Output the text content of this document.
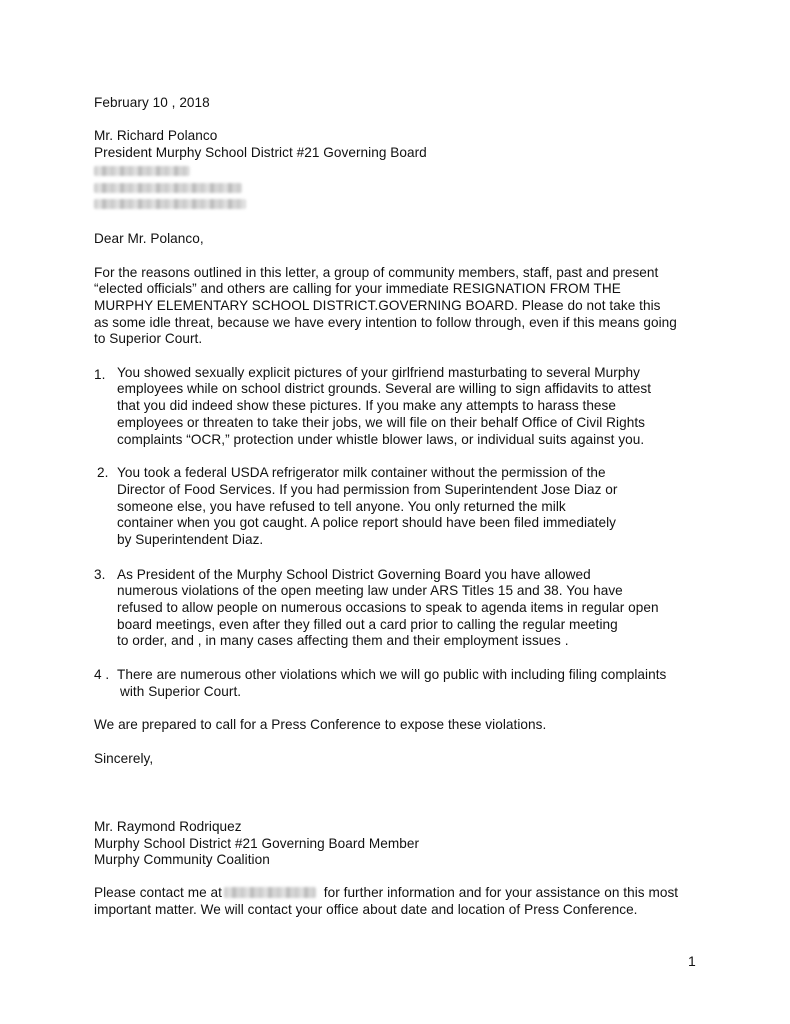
February 10 , 2018
Mr. Richard Polanco
President Murphy School District #21 Governing Board
Dear Mr. Polanco,
For the reasons outlined in this letter, a group of community members, staff, past and present
“elected officials” and others are calling for your immediate RESIGNATION FROM THE
MURPHY ELEMENTARY SCHOOL DISTRICT.GOVERNING BOARD. Please do not take this
as some idle threat, because we have every intention to follow through, even if this means going
to Superior Court.
1. You showed sexually explicit pictures of your girlfriend masturbating to several Murphy
employees while on school district grounds. Several are willing to sign affidavits to attest
that you did indeed show these pictures. If you make any attempts to harass these
employees or threaten to take their jobs, we will file on their behalf Office of Civil Rights
complaints “OCR,” protection under whistle blower laws, or individual suits against you.
2. You took a federal USDA refrigerator milk container without the permission of the
Director of Food Services. If you had permission from Superintendent Jose Diaz or
someone else, you have refused to tell anyone. You only returned the milk
container when you got caught. A police report should have been filed immediately
by Superintendent Diaz.
3. As President of the Murphy School District Governing Board you have allowed
numerous violations of the open meeting law under ARS Titles 15 and 38. You have
refused to allow people on numerous occasions to speak to agenda items in regular open
board meetings, even after they filled out a card prior to calling the regular meeting
to order, and , in many cases affecting them and their employment issues .
4 . There are numerous other violations which we will go public with including filing complaints
with Superior Court.
We are prepared to call for a Press Conference to expose these violations.
Sincerely,
Mr. Raymond Rodriquez
Murphy School District #21 Governing Board Member
Murphy Community Coalition
Please contact me at	for further information and for your assistance on this most
important matter. We will contact your office about date and location of Press Conference.
1
